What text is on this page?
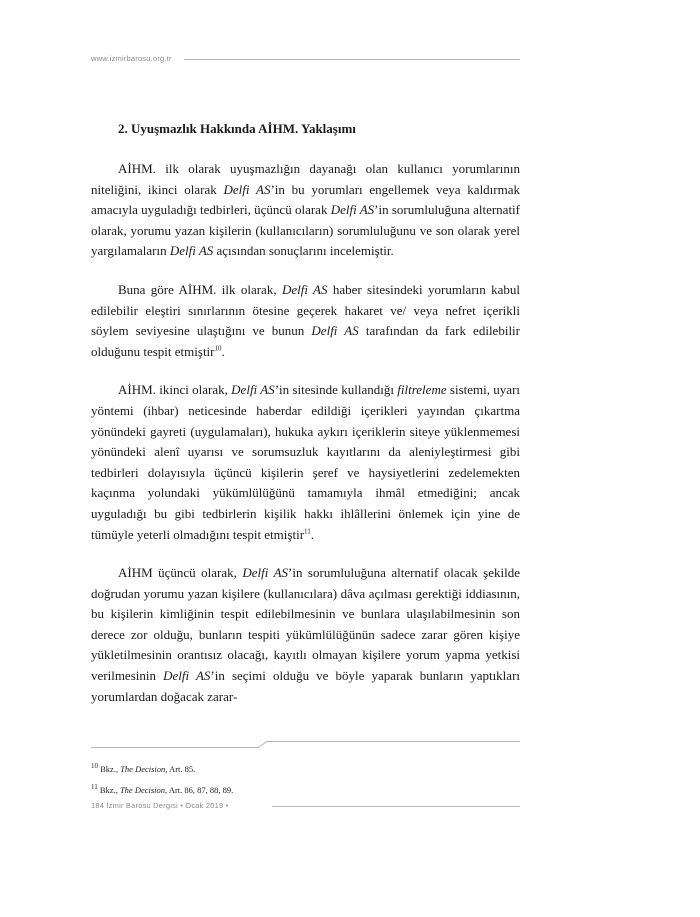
www.izmirbarosu.org.tr
2. Uyuşmazlık Hakkında AİHM. Yaklaşımı

AİHM. ilk olarak uyuşmazlığın dayanağı olan kullanıcı yorumlarının niteliğini, ikinci olarak Delfi AS’in bu yorumları engellemek veya kaldırmak amacıyla uyguladığı tedbirleri, üçüncü olarak Delfi AS’in sorumluluğuna alternatif olarak, yorumu yazan kişilerin (kullanıcıların) sorumluluğunu ve son olarak yerel yargılamaların Delfi AS açısından sonuçlarını incelemiştir.

Buna göre AİHM. ilk olarak, Delfi AS haber sitesindeki yorumların kabul edilebilir eleştiri sınırlarının ötesine geçerek hakaret ve/ veya nefret içerikli söylem seviyesine ulaştığını ve bunun Delfi AS tarafından da fark edilebilir olduğunu tespit etmiştir$^{10}$.

AİHM. ikinci olarak, Delfi AS’in sitesinde kullandığı filtreleme sistemi, uyarı yöntemi (ihbar) neticesinde haberdar edildiği içerikleri yayından çıkartma yönündeki gayreti (uygulamaları), hukuka aykırı içeriklerin siteye yüklenmemesi yönündeki alenî uyarısı ve sorumsuzluk kayıtlarını da aleniyleştirmesi gibi tedbirleri dolayısıyla üçüncü kişilerin şeref ve haysiyetlerini zedelemekten kaçınma yolundaki yükümlülüğünü tamamıyla ihmâl etmediğini; ancak uyguladığı bu gibi tedbirlerin kişilik hakkı ihlâllerini önlemek için yine de tümüyle yeterli olmadığını tespit etmiştir$^{11}$.

AİHM üçüncü olarak, Delfi AS’in sorumluluğuna alternatif olacak şekilde doğrudan yorumu yazan kişilere (kullanıcılara) dâva açılması gerektiği iddiasının, bu kişilerin kimliğinin tespit edilebilmesinin ve bunlara ulaşılabilmesinin son derece zor olduğu, bunların tespiti yükümlülüğünün sadece zarar gören kişiye yükletilmesinin orantısız olacağı, kayıtlı olmayan kişilere yorum yapma yetkisi verilmesinin Delfi AS’in seçimi olduğu ve böyle yaparak bunların yaptıkları yorumlardan doğacak zarar-

$^{10}$ Bkz., The Decision, Art. 85.
$^{11}$ Bkz., The Decision, Art. 86, 87, 88, 89.
184 İzmir Barosu Dergisi • Ocak 2019 •
